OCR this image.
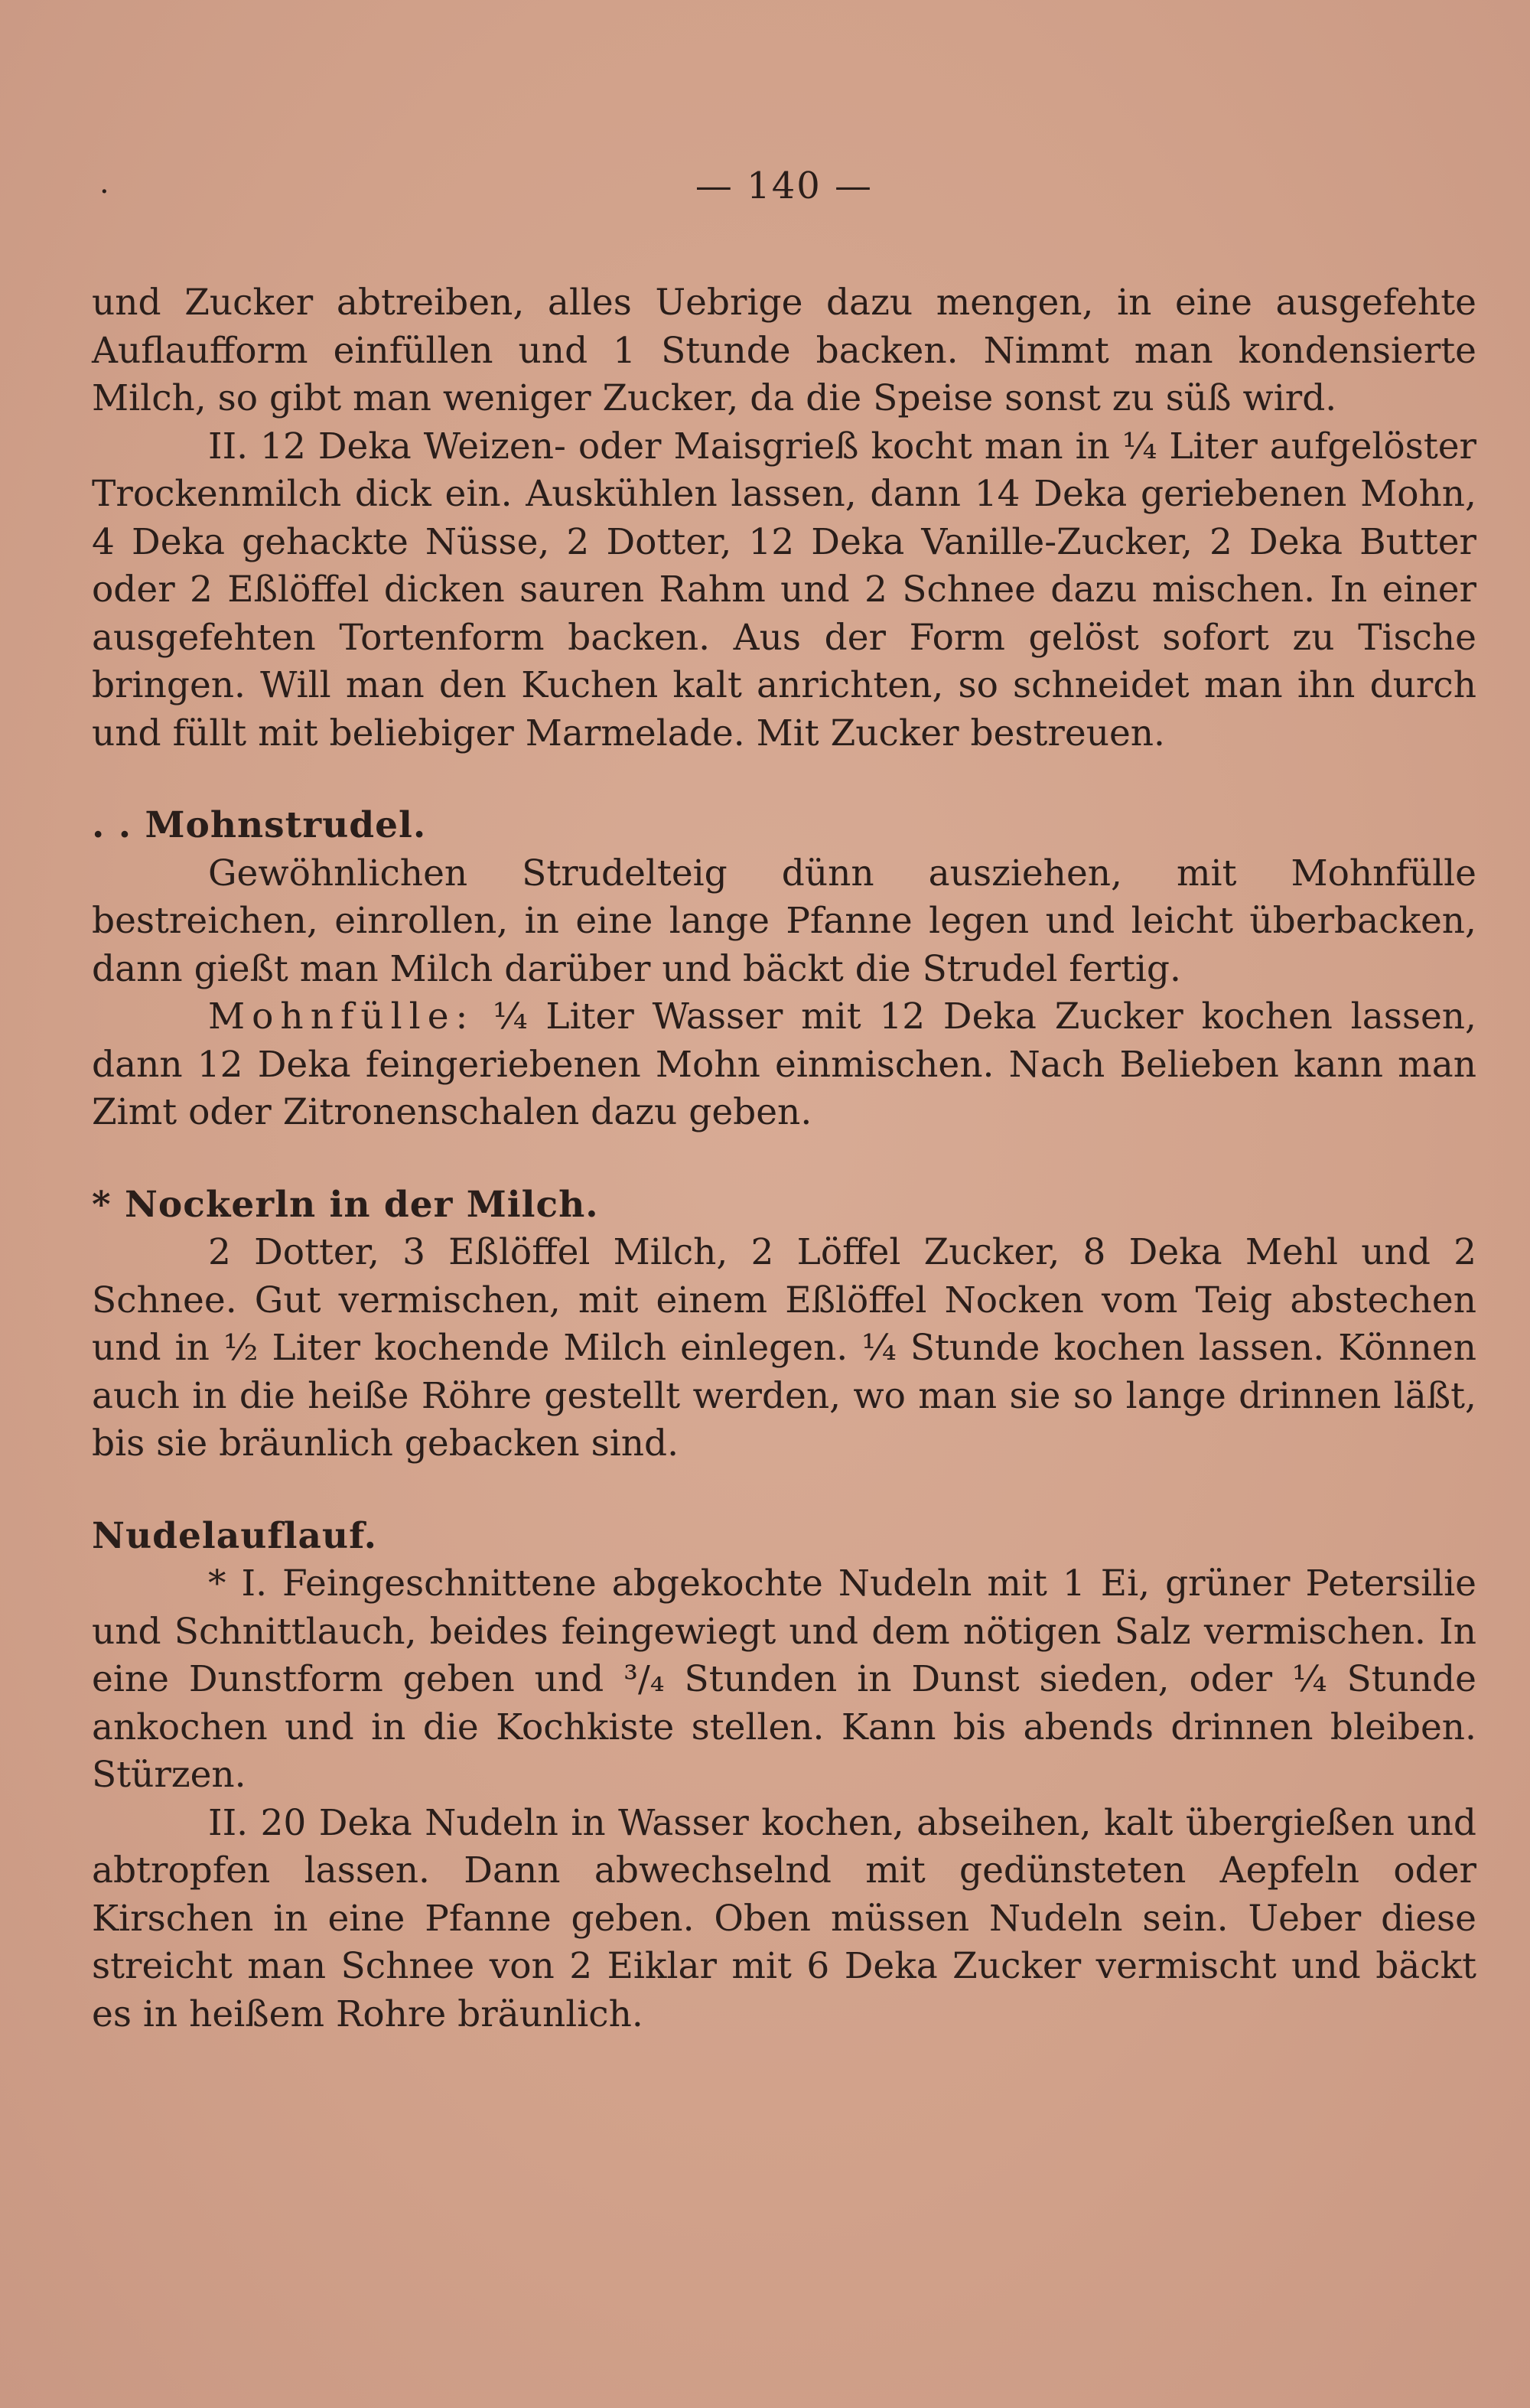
·	— 140 —

und Zucker abtreiben, alles Uebrige dazu mengen, in eine ausgefehte Auflaufform einfüllen und 1 Stunde backen. Nimmt man kondensierte Milch, so gibt man weniger Zucker, da die Speise sonst zu süß wird.

II. 12 Deka Weizen- oder Maisgrieß kocht man in ¼ Liter aufgelöster Trockenmilch dick ein. Auskühlen lassen, dann 14 Deka geriebenen Mohn, 4 Deka gehackte Nüsse, 2 Dotter, 12 Deka Vanille-Zucker, 2 Deka Butter oder 2 Eßlöffel dicken sauren Rahm und 2 Schnee dazu mischen. In einer ausgefehten Tortenform backen. Aus der Form gelöst sofort zu Tische bringen. Will man den Kuchen kalt anrichten, so schneidet man ihn durch und füllt mit beliebiger Marmelade. Mit Zucker bestreuen.

. . Mohnstrudel.

Gewöhnlichen Strudelteig dünn ausziehen, mit Mohnfülle bestreichen, einrollen, in eine lange Pfanne legen und leicht überbacken, dann gießt man Milch darüber und bäckt die Strudel fertig.

Mohnfülle: ¼ Liter Wasser mit 12 Deka Zucker kochen lassen, dann 12 Deka feingeriebenen Mohn einmischen. Nach Belieben kann man Zimt oder Zitronenschalen dazu geben.

* Nockerln in der Milch.

2 Dotter, 3 Eßlöffel Milch, 2 Löffel Zucker, 8 Deka Mehl und 2 Schnee. Gut vermischen, mit einem Eßlöffel Nocken vom Teig abstechen und in ½ Liter kochende Milch einlegen. ¼ Stunde kochen lassen. Können auch in die heiße Röhre gestellt werden, wo man sie so lange drinnen läßt, bis sie bräunlich gebacken sind.

Nudelauflauf.

* I. Feingeschnittene abgekochte Nudeln mit 1 Ei, grüner Petersilie und Schnittlauch, beides feingewiegt und dem nötigen Salz vermischen. In eine Dunstform geben und ³/₄ Stunden in Dunst sieden, oder ¼ Stunde ankochen und in die Kochkiste stellen. Kann bis abends drinnen bleiben. Stürzen.

II. 20 Deka Nudeln in Wasser kochen, abseihen, kalt übergießen und abtropfen lassen. Dann abwechselnd mit gedünsteten Aepfeln oder Kirschen in eine Pfanne geben. Oben müssen Nudeln sein. Ueber diese streicht man Schnee von 2 Eiklar mit 6 Deka Zucker vermischt und bäckt es in heißem Rohre bräunlich.
